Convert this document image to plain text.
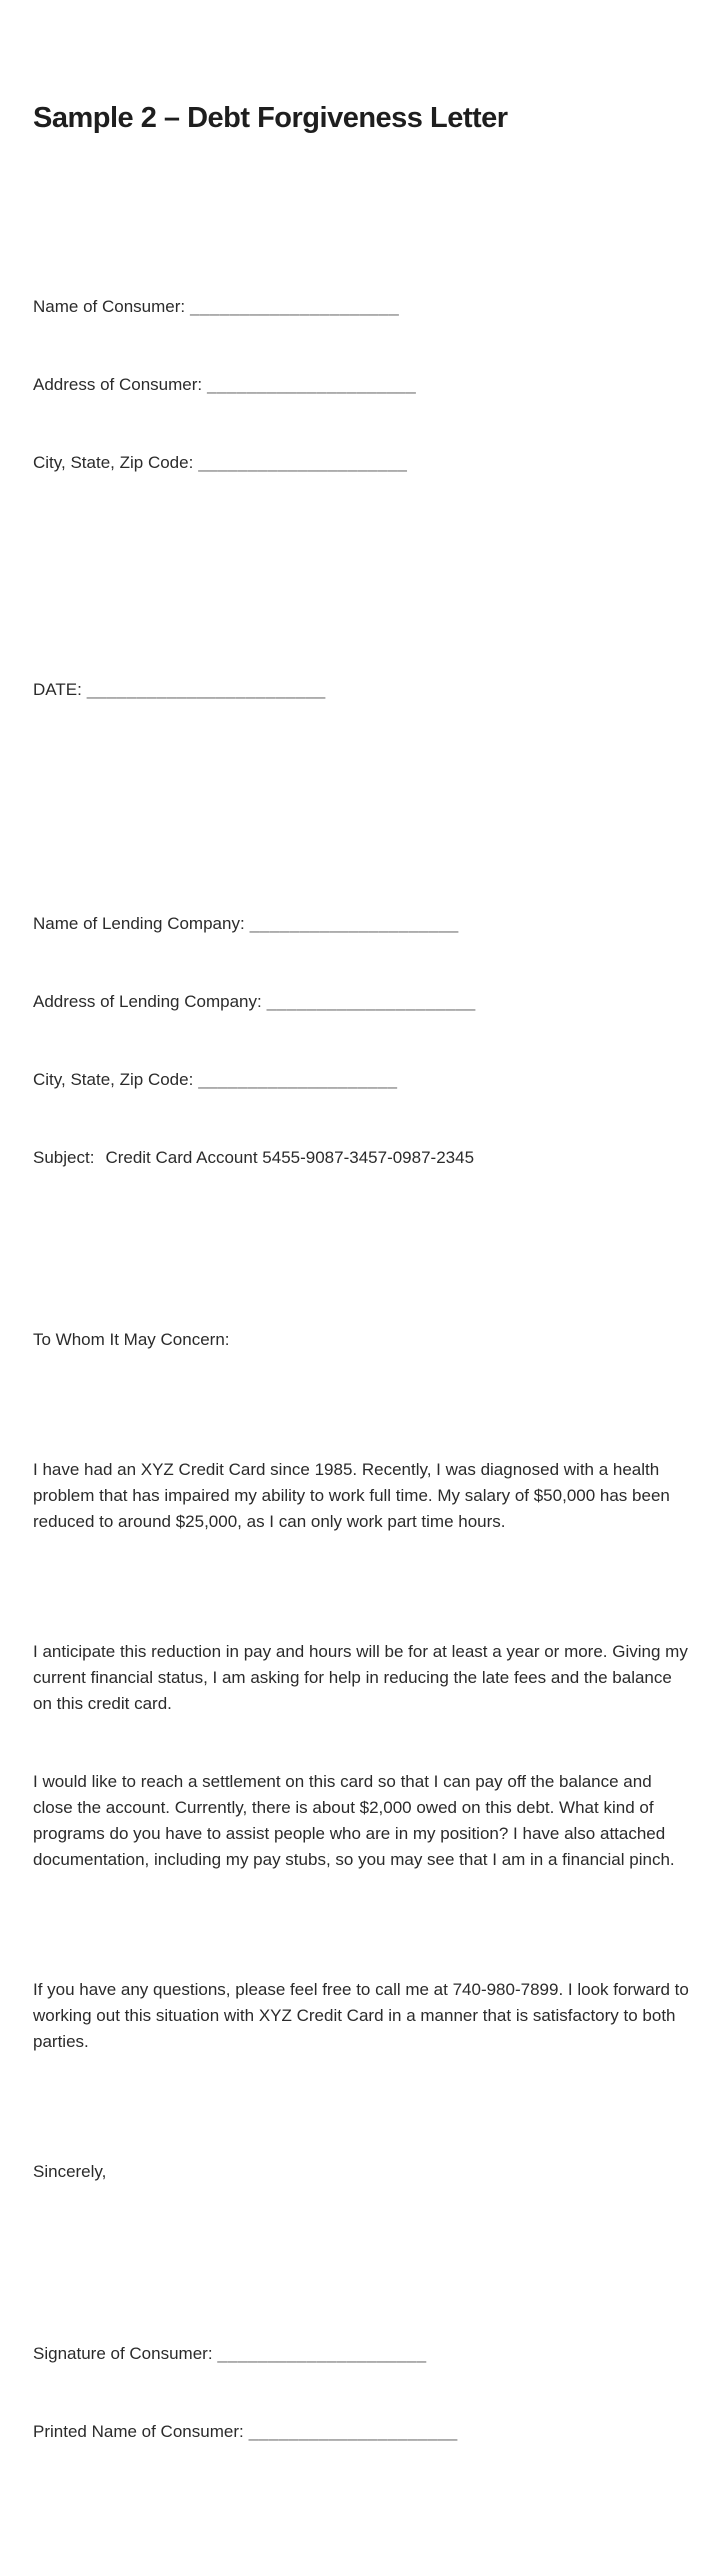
Sample 2 – Debt Forgiveness Letter

Name of Consumer: _____________________

Address of Consumer: _____________________

City, State, Zip Code: _____________________

DATE: ________________________

Name of Lending Company: _____________________

Address of Lending Company: _____________________

City, State, Zip Code: ____________________

Subject: Credit Card Account 5455-9087-3457-0987-2345

To Whom It May Concern:

I have had an XYZ Credit Card since 1985. Recently, I was diagnosed with a health problem that has impaired my ability to work full time. My salary of $50,000 has been reduced to around $25,000, as I can only work part time hours.

I anticipate this reduction in pay and hours will be for at least a year or more. Giving my current financial status, I am asking for help in reducing the late fees and the balance on this credit card.

I would like to reach a settlement on this card so that I can pay off the balance and close the account. Currently, there is about $2,000 owed on this debt. What kind of programs do you have to assist people who are in my position? I have also attached documentation, including my pay stubs, so you may see that I am in a financial pinch.

If you have any questions, please feel free to call me at 740-980-7899. I look forward to working out this situation with XYZ Credit Card in a manner that is satisfactory to both parties.

Sincerely,

Signature of Consumer: _____________________

Printed Name of Consumer: _____________________
